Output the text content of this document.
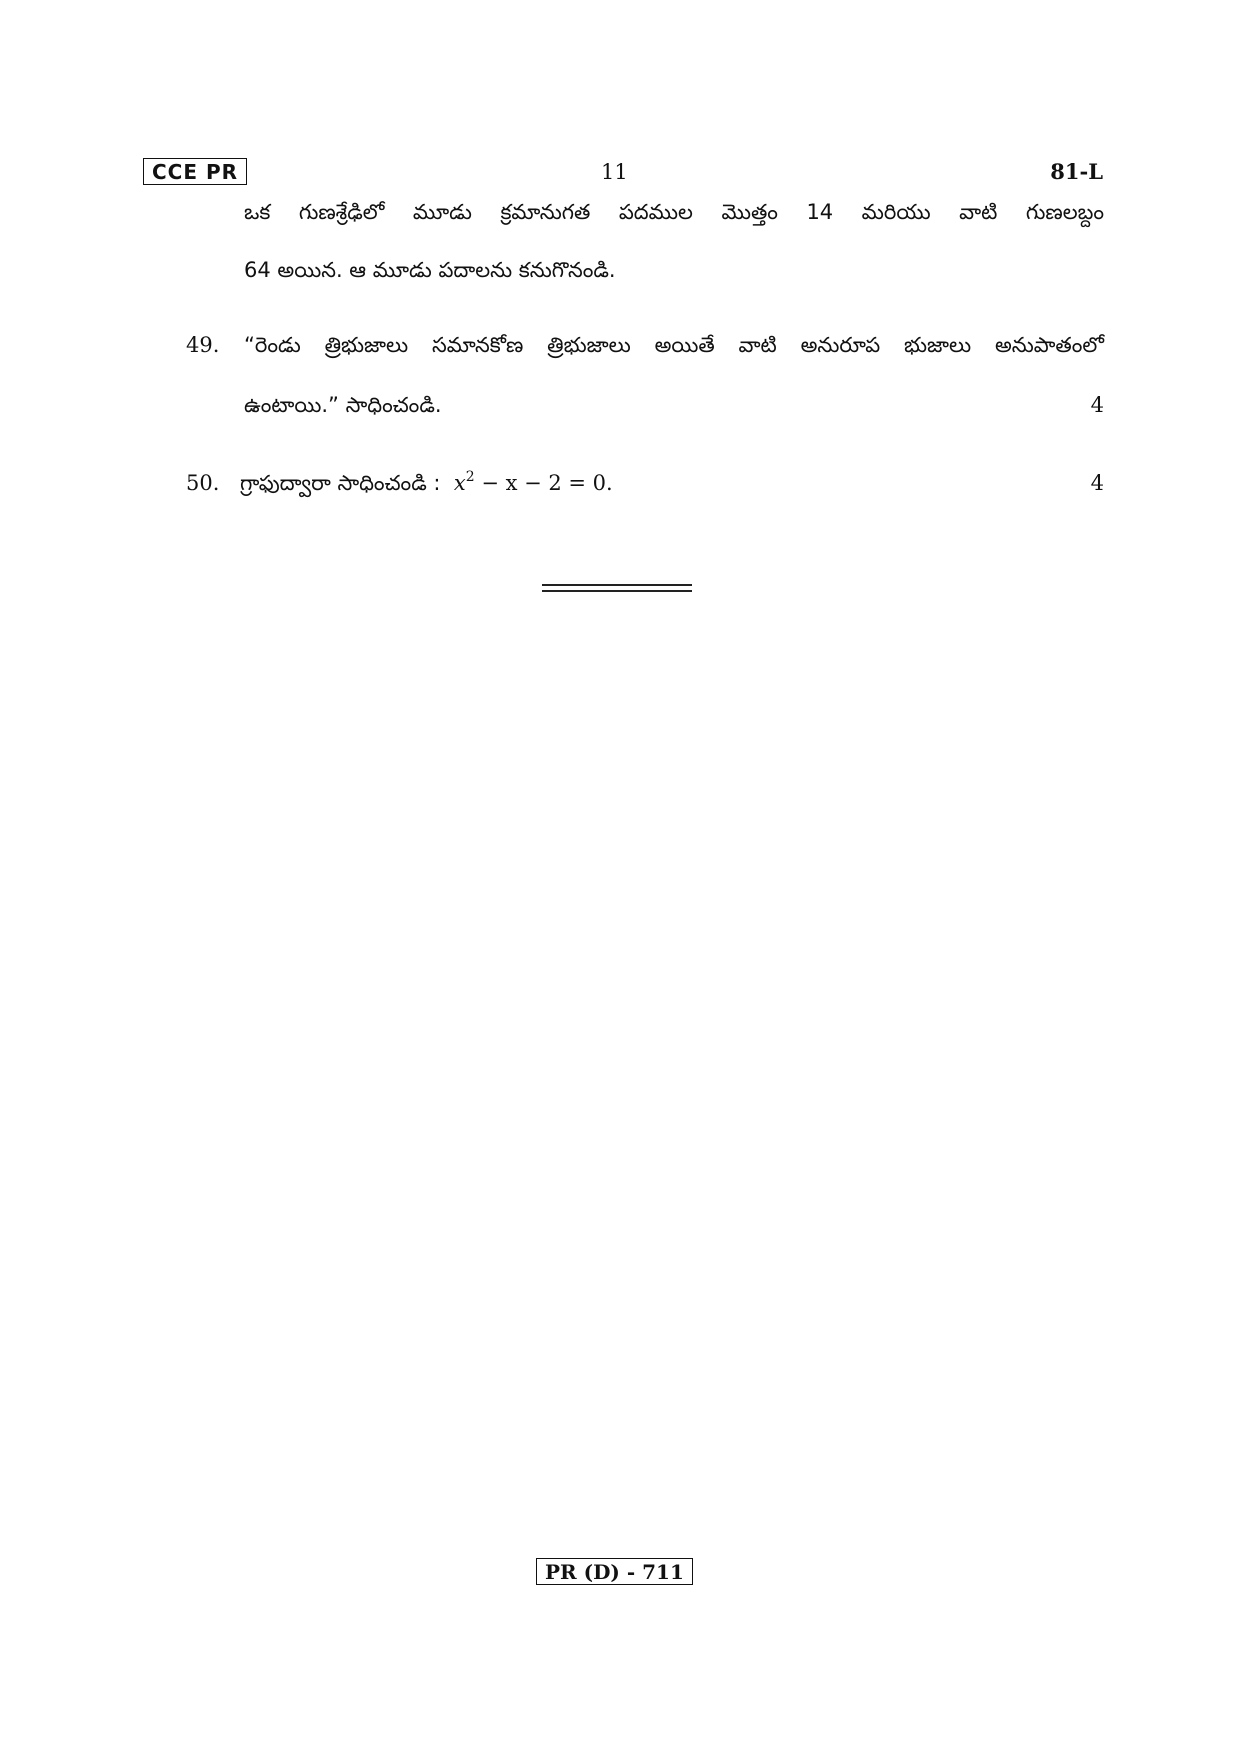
CCE PR	11	81-L
ఒక గుణశ్రేఢిలో మూడు క్రమానుగత పదముల మొత్తం 14 మరియు వాటి గుణలబ్దం
64 అయిన. ఆ మూడు పదాలను కనుగొనండి.
49. “రెండు త్రిభుజాలు సమానకోణ త్రిభుజాలు అయితే వాటి అనురూప భుజాలు అనుపాతంలో
ఉంటాయి.” సాధించండి.	4
50. గ్రాఫుద్వారా సాధించండి : $x^2 - x - 2 = 0$.	4
PR (D) - 711
